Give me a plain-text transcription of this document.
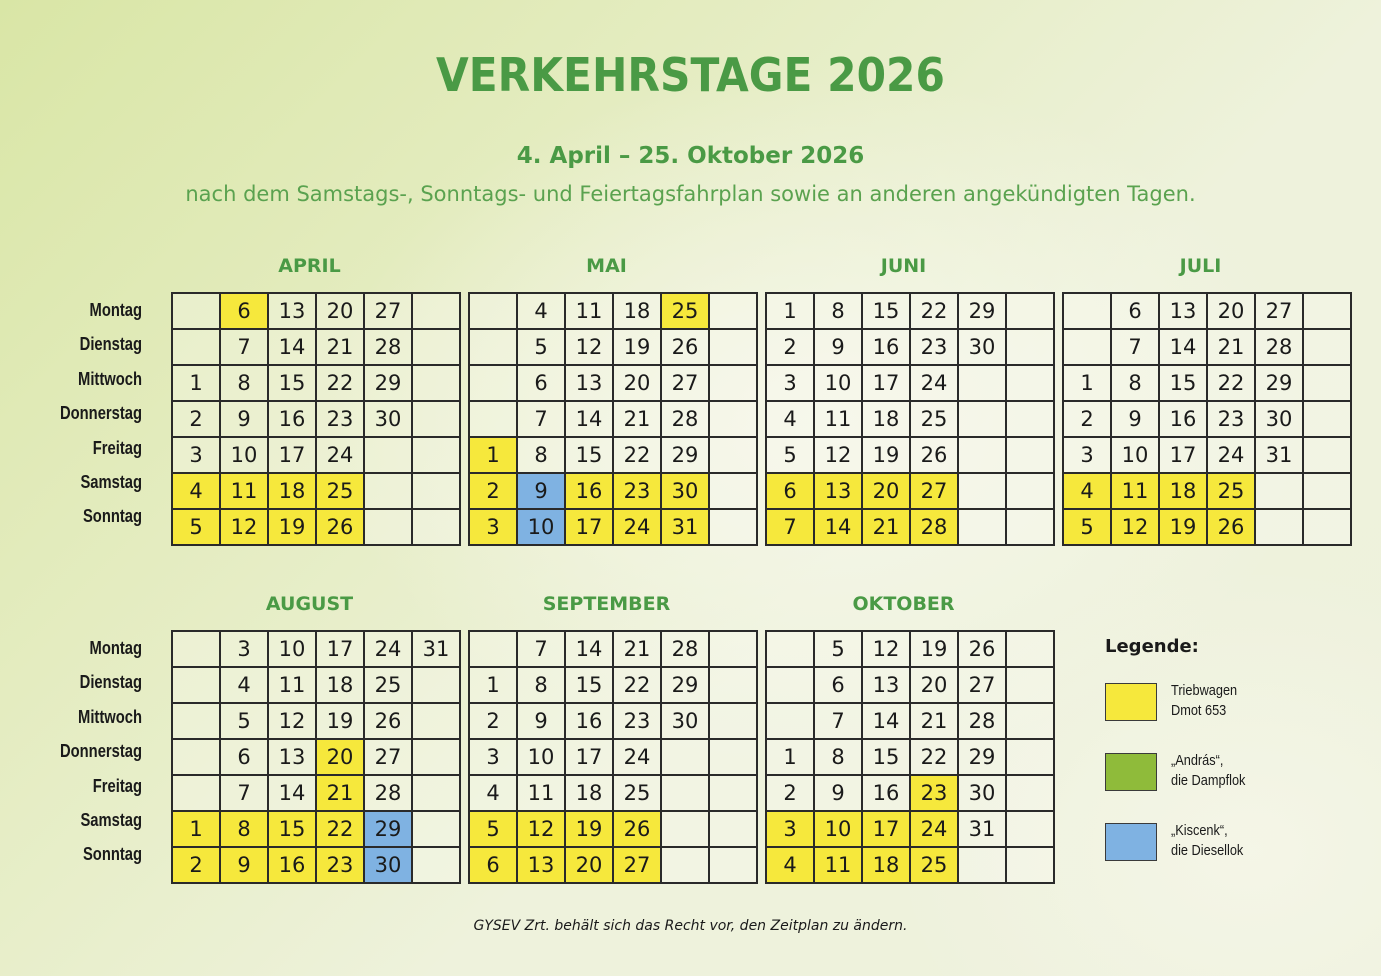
VERKEHRSTAGE 2026
4. April – 25. Oktober 2026
nach dem Samstags-, Sonntags- und Feiertagsfahrplan sowie an anderen angekündigten Tagen.
Montag
Dienstag
Mittwoch
Donnerstag
Freitag
Samstag
Sonntag
Montag
Dienstag
Mittwoch
Donnerstag
Freitag
Samstag
Sonntag
APRIL
	6	13	20	27	
	7	14	21	28	
1	8	15	22	29	
2	9	16	23	30	
3	10	17	24		
4	11	18	25		
5	12	19	26		
MAI
	4	11	18	25	
	5	12	19	26	
	6	13	20	27	
	7	14	21	28	
1	8	15	22	29	
2	9	16	23	30	
3	10	17	24	31	
JUNI
1	8	15	22	29	
2	9	16	23	30	
3	10	17	24		
4	11	18	25		
5	12	19	26		
6	13	20	27		
7	14	21	28		
JULI
	6	13	20	27	
	7	14	21	28	
1	8	15	22	29	
2	9	16	23	30	
3	10	17	24	31	
4	11	18	25		
5	12	19	26		
AUGUST
	3	10	17	24	31
	4	11	18	25	
	5	12	19	26	
	6	13	20	27	
	7	14	21	28	
1	8	15	22	29	
2	9	16	23	30	
SEPTEMBER
	7	14	21	28	
1	8	15	22	29	
2	9	16	23	30	
3	10	17	24		
4	11	18	25		
5	12	19	26		
6	13	20	27		
OKTOBER
	5	12	19	26	
	6	13	20	27	
	7	14	21	28	
1	8	15	22	29	
2	9	16	23	30	
3	10	17	24	31	
4	11	18	25		
Legende:
Triebwagen
Dmot 653
„András“,
die Dampflok
„Kiscenk“,
die Diesellok
GYSEV Zrt. behält sich das Recht vor, den Zeitplan zu ändern.
